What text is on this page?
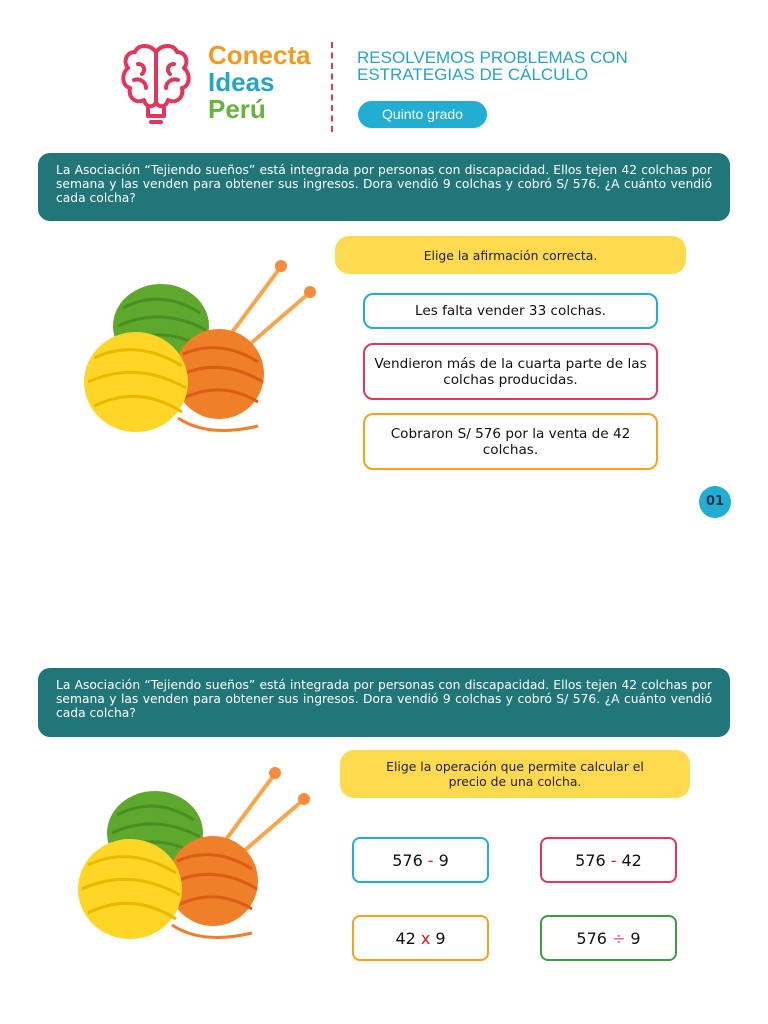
Conecta
Ideas
Perú
RESOLVEMOS PROBLEMAS CON
ESTRATEGIAS DE CÁLCULO
Quinto grado
La Asociación “Tejiendo sueños” está integrada por personas con discapacidad. Ellos tejen 42 colchas por semana y las venden para obtener sus ingresos. Dora vendió 9 colchas y cobró S/ 576. ¿A cuánto vendió cada colcha?
Elige la afirmación correcta.
Les falta vender 33 colchas.
Vendieron más de la cuarta parte de las colchas producidas.
Cobraron S/ 576 por la venta de 42 colchas.
01
La Asociación “Tejiendo sueños” está integrada por personas con discapacidad. Ellos tejen 42 colchas por semana y las venden para obtener sus ingresos. Dora vendió 9 colchas y cobró S/ 576. ¿A cuánto vendió cada colcha?
Elige la operación que permite calcular el precio de una colcha.
576 - 9	576 - 42
42 x 9	576 ÷ 9
